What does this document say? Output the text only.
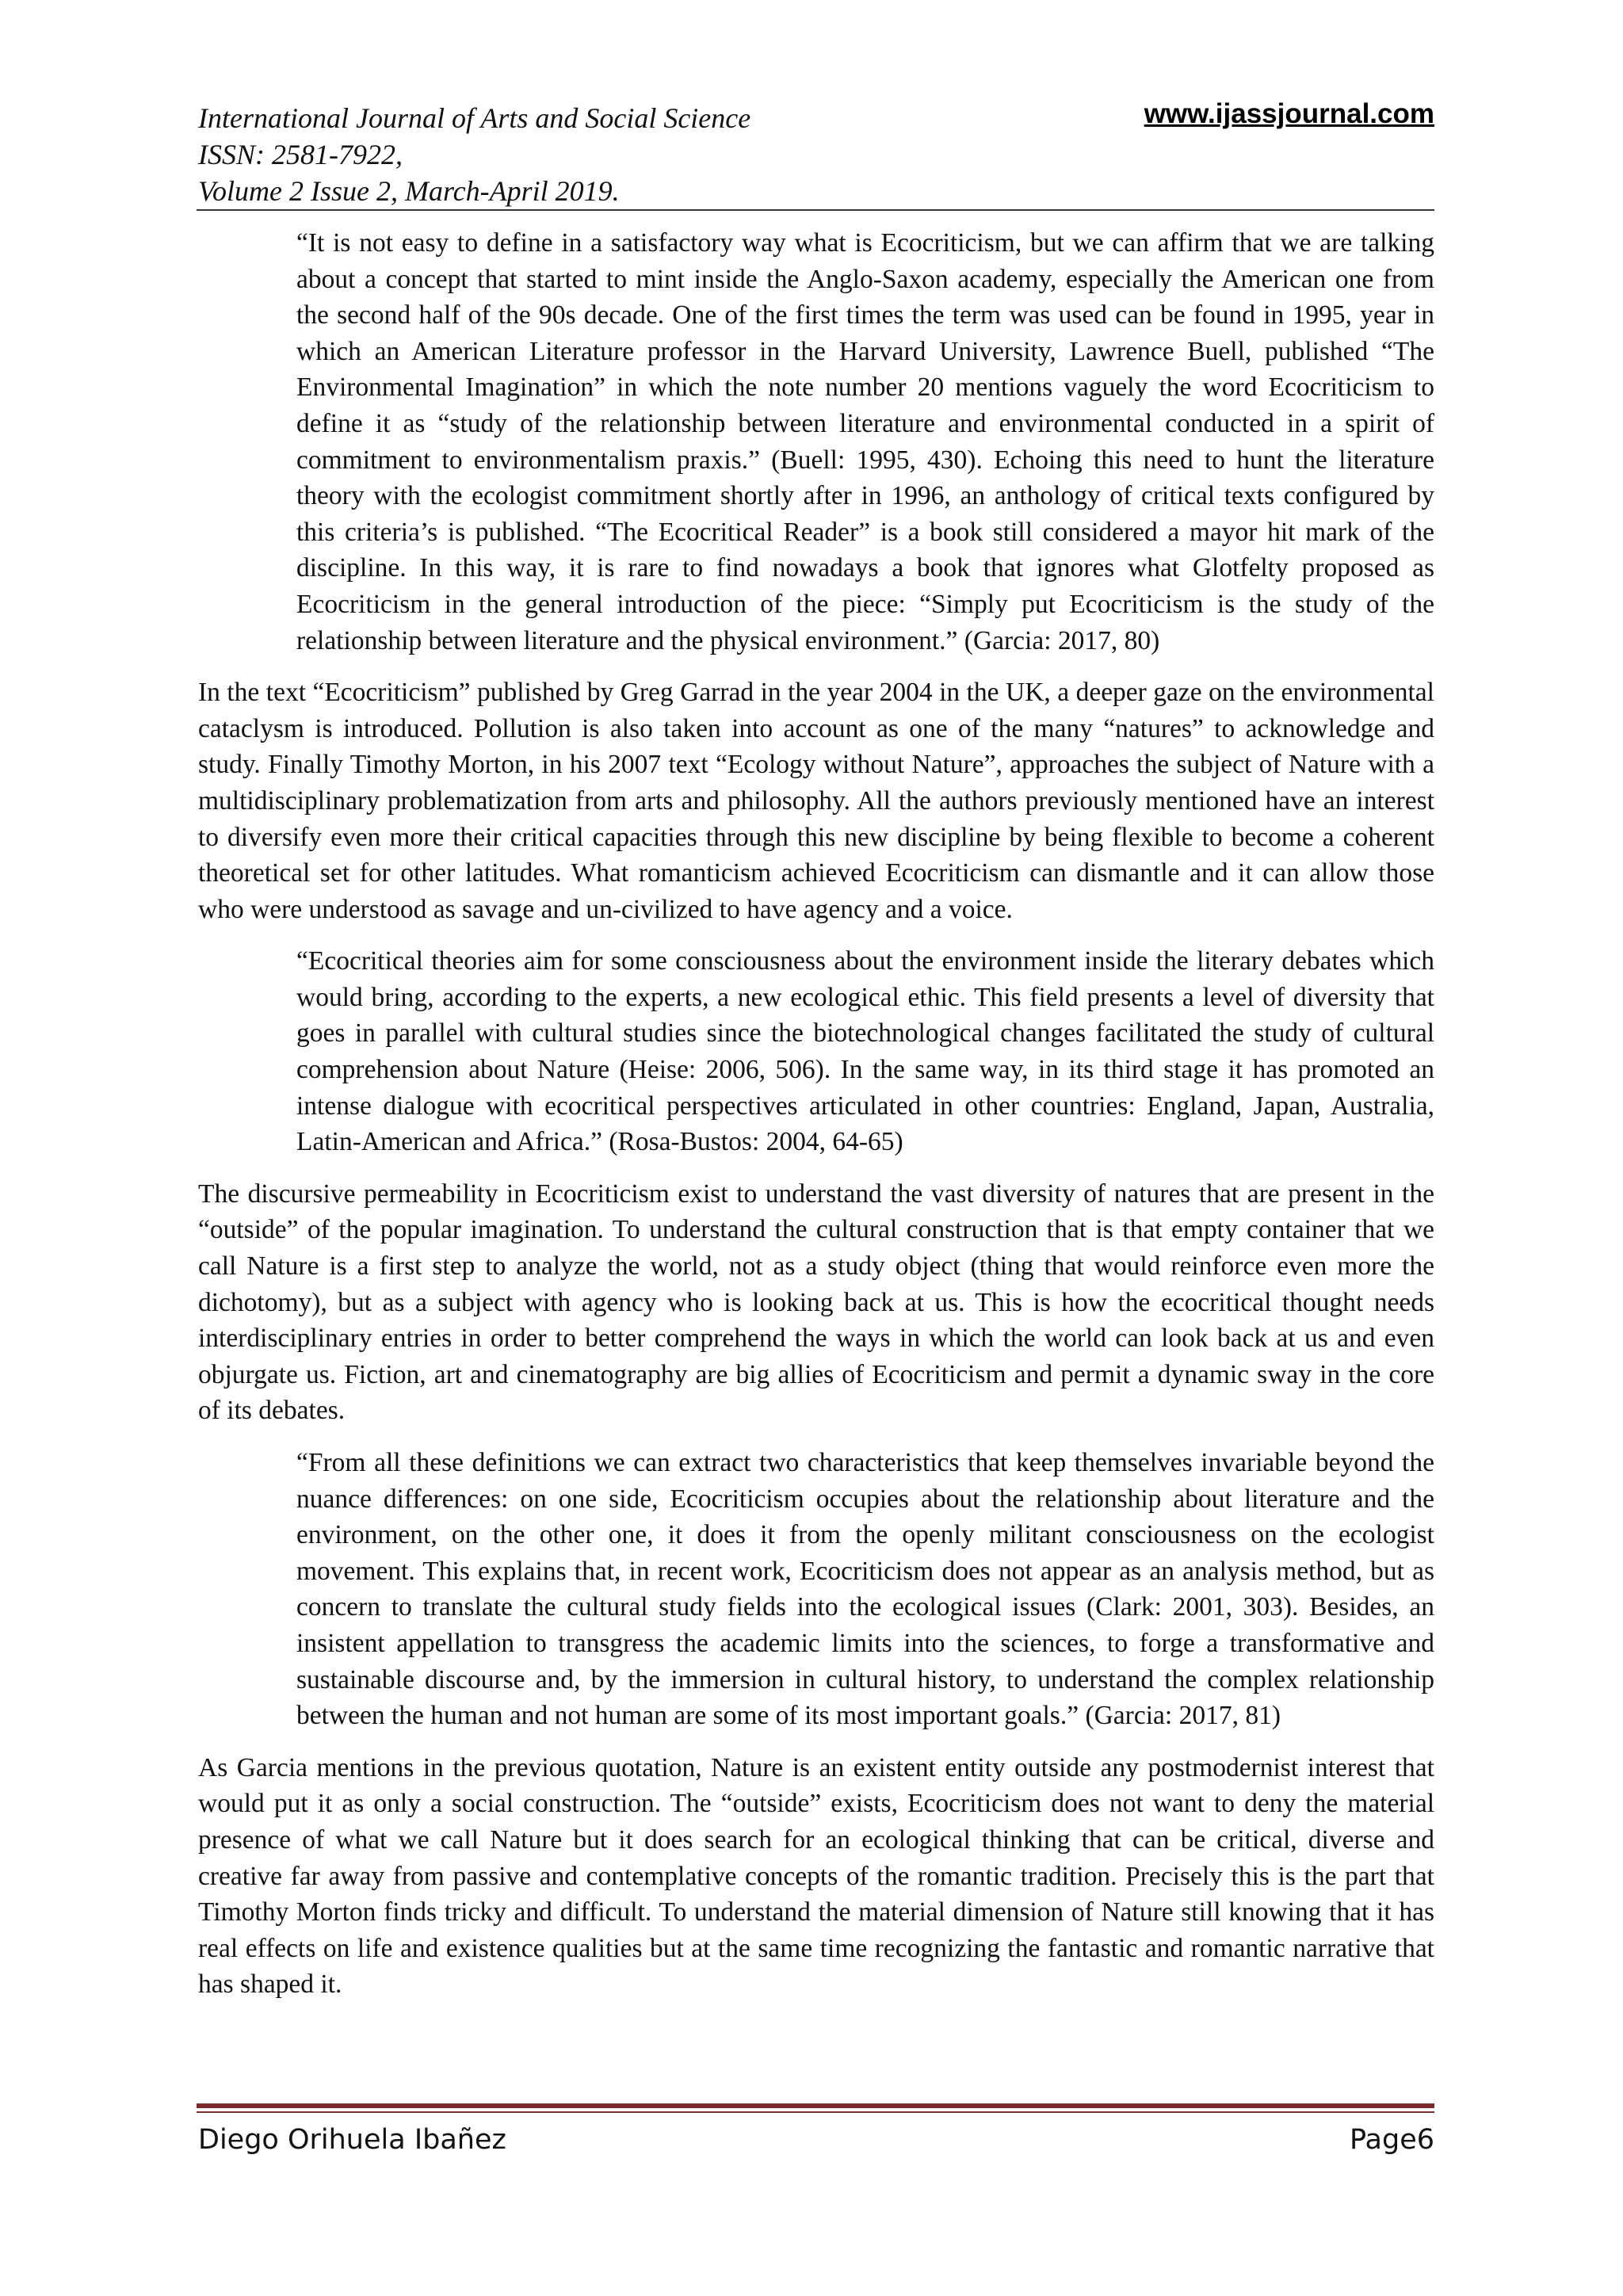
International Journal of Arts and Social Science
ISSN: 2581-7922,
Volume 2 Issue 2, March-April 2019.
www.ijassjournal.com

“It is not easy to define in a satisfactory way what is Ecocriticism, but we can affirm that we are talking about a concept that started to mint inside the Anglo-Saxon academy, especially the American one from the second half of the 90s decade. One of the first times the term was used can be found in 1995, year in which an American Literature professor in the Harvard University, Lawrence Buell, published “The Environmental Imagination” in which the note number 20 mentions vaguely the word Ecocriticism to define it as “study of the relationship between literature and environmental conducted in a spirit of commitment to environmentalism praxis.” (Buell: 1995, 430). Echoing this need to hunt the literature theory with the ecologist commitment shortly after in 1996, an anthology of critical texts configured by this criteria’s is published. “The Ecocritical Reader” is a book still considered a mayor hit mark of the discipline. In this way, it is rare to find nowadays a book that ignores what Glotfelty proposed as Ecocriticism in the general introduction of the piece: “Simply put Ecocriticism is the study of the relationship between literature and the physical environment.” (Garcia: 2017, 80)

In the text “Ecocriticism” published by Greg Garrad in the year 2004 in the UK, a deeper gaze on the environmental cataclysm is introduced. Pollution is also taken into account as one of the many “natures” to acknowledge and study. Finally Timothy Morton, in his 2007 text “Ecology without Nature”, approaches the subject of Nature with a multidisciplinary problematization from arts and philosophy. All the authors previously mentioned have an interest to diversify even more their critical capacities through this new discipline by being flexible to become a coherent theoretical set for other latitudes. What romanticism achieved Ecocriticism can dismantle and it can allow those who were understood as savage and un-civilized to have agency and a voice.

“Ecocritical theories aim for some consciousness about the environment inside the literary debates which would bring, according to the experts, a new ecological ethic. This field presents a level of diversity that goes in parallel with cultural studies since the biotechnological changes facilitated the study of cultural comprehension about Nature (Heise: 2006, 506). In the same way, in its third stage it has promoted an intense dialogue with ecocritical perspectives articulated in other countries: England, Japan, Australia, Latin-American and Africa.” (Rosa-Bustos: 2004, 64-65)

The discursive permeability in Ecocriticism exist to understand the vast diversity of natures that are present in the “outside” of the popular imagination. To understand the cultural construction that is that empty container that we call Nature is a first step to analyze the world, not as a study object (thing that would reinforce even more the dichotomy), but as a subject with agency who is looking back at us. This is how the ecocritical thought needs interdisciplinary entries in order to better comprehend the ways in which the world can look back at us and even objurgate us. Fiction, art and cinematography are big allies of Ecocriticism and permit a dynamic sway in the core of its debates.

“From all these definitions we can extract two characteristics that keep themselves invariable beyond the nuance differences: on one side, Ecocriticism occupies about the relationship about literature and the environment, on the other one, it does it from the openly militant consciousness on the ecologist movement. This explains that, in recent work, Ecocriticism does not appear as an analysis method, but as concern to translate the cultural study fields into the ecological issues (Clark: 2001, 303). Besides, an insistent appellation to transgress the academic limits into the sciences, to forge a transformative and sustainable discourse and, by the immersion in cultural history, to understand the complex relationship between the human and not human are some of its most important goals.” (Garcia: 2017, 81)

As Garcia mentions in the previous quotation, Nature is an existent entity outside any postmodernist interest that would put it as only a social construction. The “outside” exists, Ecocriticism does not want to deny the material presence of what we call Nature but it does search for an ecological thinking that can be critical, diverse and creative far away from passive and contemplative concepts of the romantic tradition. Precisely this is the part that Timothy Morton finds tricky and difficult. To understand the material dimension of Nature still knowing that it has real effects on life and existence qualities but at the same time recognizing the fantastic and romantic narrative that has shaped it.

Diego Orihuela Ibañez	Page6
